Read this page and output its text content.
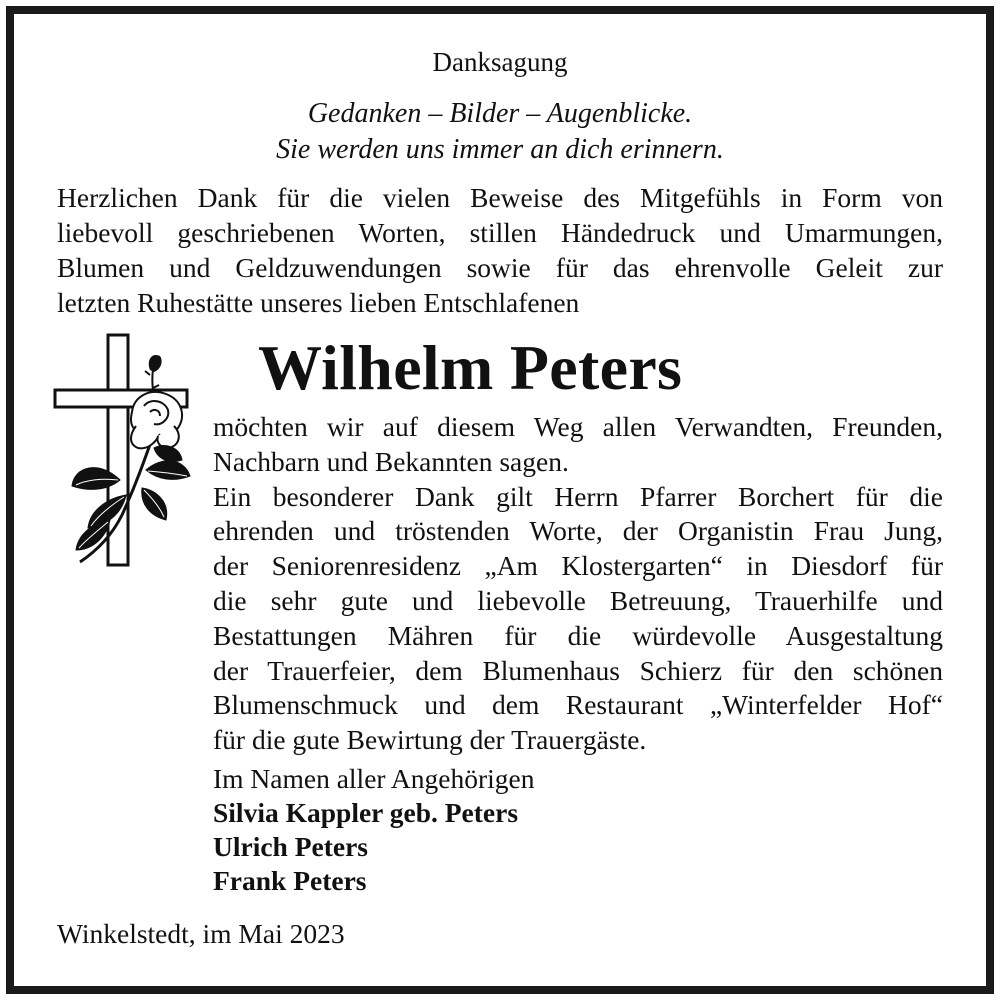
Danksagung
Gedanken – Bilder – Augenblicke.
Sie werden uns immer an dich erinnern.
Herzlichen Dank für die vielen Beweise des Mitgefühls in Form von
liebevoll geschriebenen Worten, stillen Händedruck und Umarmungen,
Blumen und Geldzuwendungen sowie für das ehrenvolle Geleit zur
letzten Ruhestätte unseres lieben Entschlafenen
Wilhelm Peters
möchten wir auf diesem Weg allen Verwandten, Freunden,
Nachbarn und Bekannten sagen.
Ein besonderer Dank gilt Herrn Pfarrer Borchert für die
ehrenden und tröstenden Worte, der Organistin Frau Jung,
der Seniorenresidenz „Am Klostergarten“ in Diesdorf für
die sehr gute und liebevolle Betreuung, Trauerhilfe und
Bestattungen Mähren für die würdevolle Ausgestaltung
der Trauerfeier, dem Blumenhaus Schierz für den schönen
Blumenschmuck und dem Restaurant „Winterfelder Hof“
für die gute Bewirtung der Trauergäste.
Im Namen aller Angehörigen
Silvia Kappler geb. Peters
Ulrich Peters
Frank Peters
Winkelstedt, im Mai 2023
